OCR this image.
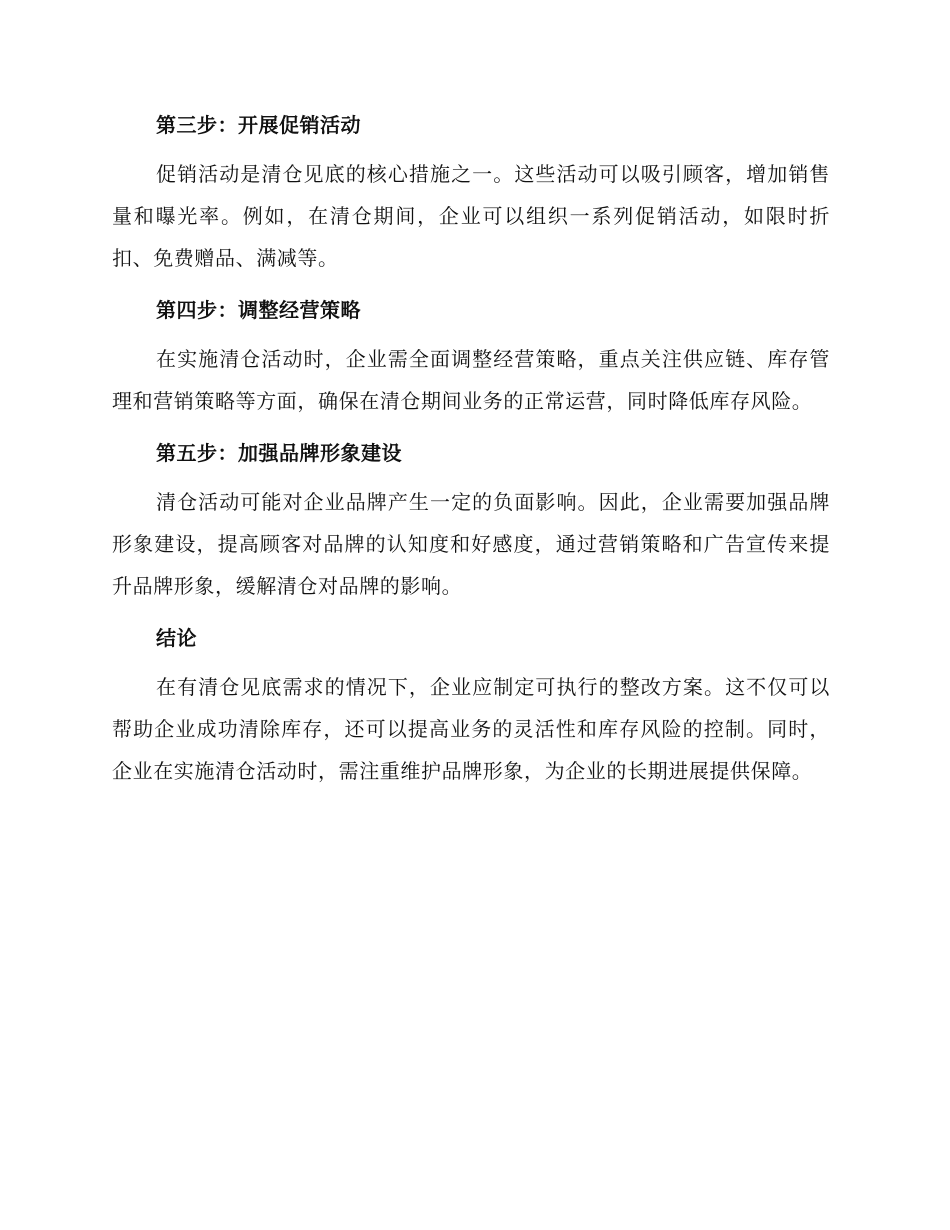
第三步：开展促销活动

促销活动是清仓见底的核心措施之一。这些活动可以吸引顾客，增加销售量和曝光率。例如，在清仓期间，企业可以组织一系列促销活动，如限时折扣、免费赠品、满减等。

第四步：调整经营策略

在实施清仓活动时，企业需全面调整经营策略，重点关注供应链、库存管理和营销策略等方面，确保在清仓期间业务的正常运营，同时降低库存风险。

第五步：加强品牌形象建设

清仓活动可能对企业品牌产生一定的负面影响。因此，企业需要加强品牌形象建设，提高顾客对品牌的认知度和好感度，通过营销策略和广告宣传来提升品牌形象，缓解清仓对品牌的影响。

结论

在有清仓见底需求的情况下，企业应制定可执行的整改方案。这不仅可以帮助企业成功清除库存，还可以提高业务的灵活性和库存风险的控制。同时，企业在实施清仓活动时，需注重维护品牌形象，为企业的长期进展提供保障。
